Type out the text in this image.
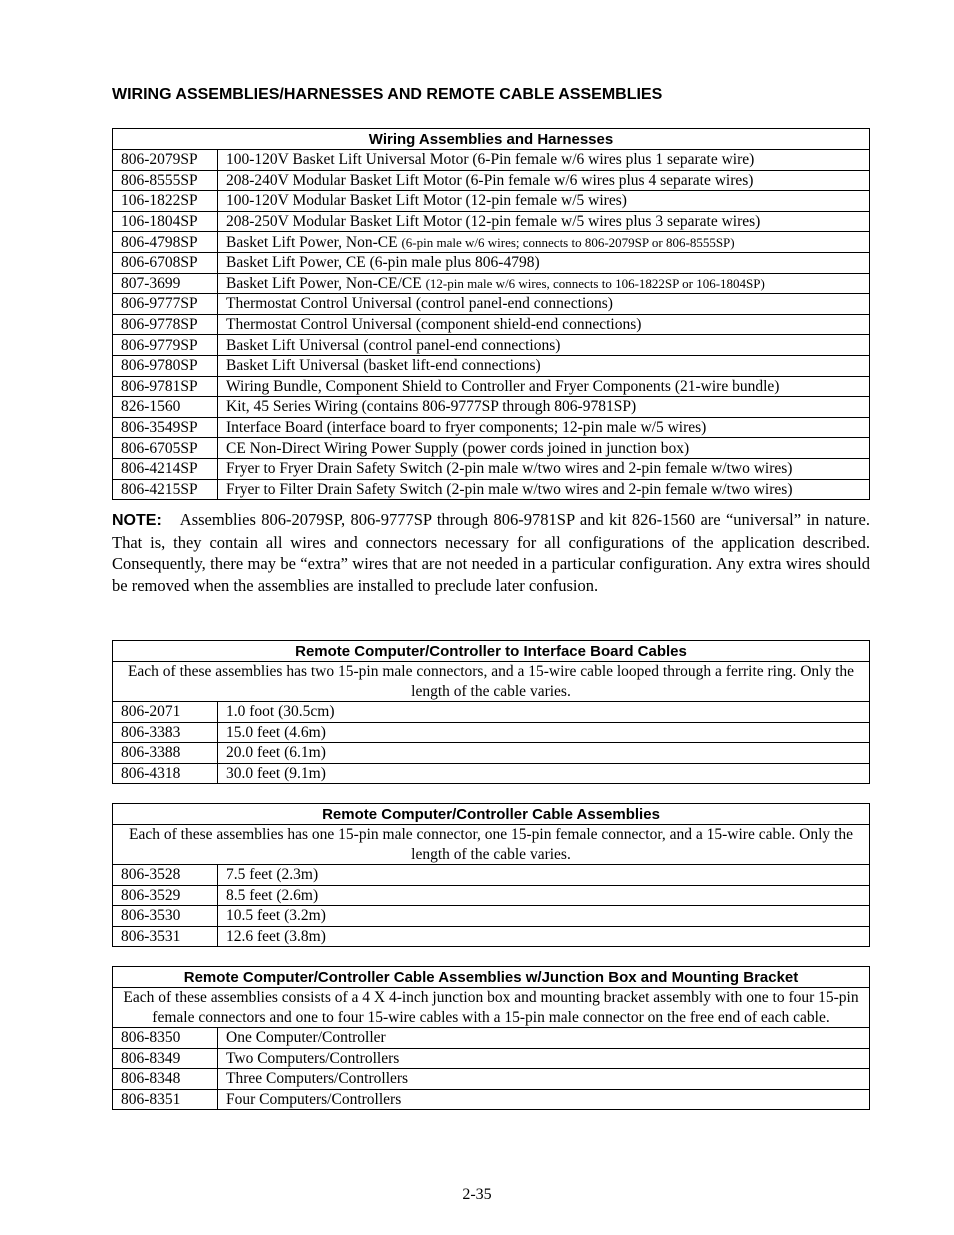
WIRING ASSEMBLIES/HARNESSES AND REMOTE CABLE ASSEMBLIES
Wiring Assemblies and Harnesses	
806-2079SP	100-120V Basket Lift Universal Motor (6-Pin female w/6 wires plus 1 separate wire)
806-8555SP	208-240V Modular Basket Lift Motor (6-Pin female w/6 wires plus 4 separate wires)
106-1822SP	100-120V Modular Basket Lift Motor (12-pin female w/5 wires)
106-1804SP	208-250V Modular Basket Lift Motor (12-pin female w/5 wires plus 3 separate wires)
806-4798SP	Basket Lift Power, Non-CE (6-pin male w/6 wires; connects to 806-2079SP or 806-8555SP)
806-6708SP	Basket Lift Power, CE (6-pin male plus 806-4798)
807-3699	Basket Lift Power, Non-CE/CE (12-pin male w/6 wires, connects to 106-1822SP or 106-1804SP)
806-9777SP	Thermostat Control Universal (control panel-end connections)
806-9778SP	Thermostat Control Universal (component shield-end connections)
806-9779SP	Basket Lift Universal (control panel-end connections)
806-9780SP	Basket Lift Universal (basket lift-end connections)
806-9781SP	Wiring Bundle, Component Shield to Controller and Fryer Components (21-wire bundle)
826-1560	Kit, 45 Series Wiring (contains 806-9777SP through 806-9781SP)
806-3549SP	Interface Board (interface board to fryer components; 12-pin male w/5 wires)
806-6705SP	CE Non-Direct Wiring Power Supply (power cords joined in junction box)
806-4214SP	Fryer to Fryer Drain Safety Switch (2-pin male w/two wires and 2-pin female w/two wires)
806-4215SP	Fryer to Filter Drain Safety Switch (2-pin male w/two wires and 2-pin female w/two wires)

NOTE: Assemblies 806-2079SP, 806-9777SP through 806-9781SP and kit 826-1560 are “universal” in nature. That is, they contain all wires and connectors necessary for all configurations of the application described. Consequently, there may be “extra” wires that are not needed in a particular configuration. Any extra wires should be removed when the assemblies are installed to preclude later confusion.

Remote Computer/Controller to Interface Board Cables	
Each of these assemblies has two 15-pin male connectors, and a 15-wire cable looped through a ferrite ring. Only the length of the cable varies.	
806-2071	1.0 foot (30.5cm)
806-3383	15.0 feet (4.6m)
806-3388	20.0 feet (6.1m)
806-4318	30.0 feet (9.1m)
Remote Computer/Controller Cable Assemblies	
Each of these assemblies has one 15-pin male connector, one 15-pin female connector, and a 15-wire cable. Only the length of the cable varies.	
806-3528	7.5 feet (2.3m)
806-3529	8.5 feet (2.6m)
806-3530	10.5 feet (3.2m)
806-3531	12.6 feet (3.8m)
Remote Computer/Controller Cable Assemblies w/Junction Box and Mounting Bracket	
Each of these assemblies consists of a 4 X 4-inch junction box and mounting bracket assembly with one to four 15-pin female connectors and one to four 15-wire cables with a 15-pin male connector on the free end of each cable.	
806-8350	One Computer/Controller
806-8349	Two Computers/Controllers
806-8348	Three Computers/Controllers
806-8351	Four Computers/Controllers
2-35
